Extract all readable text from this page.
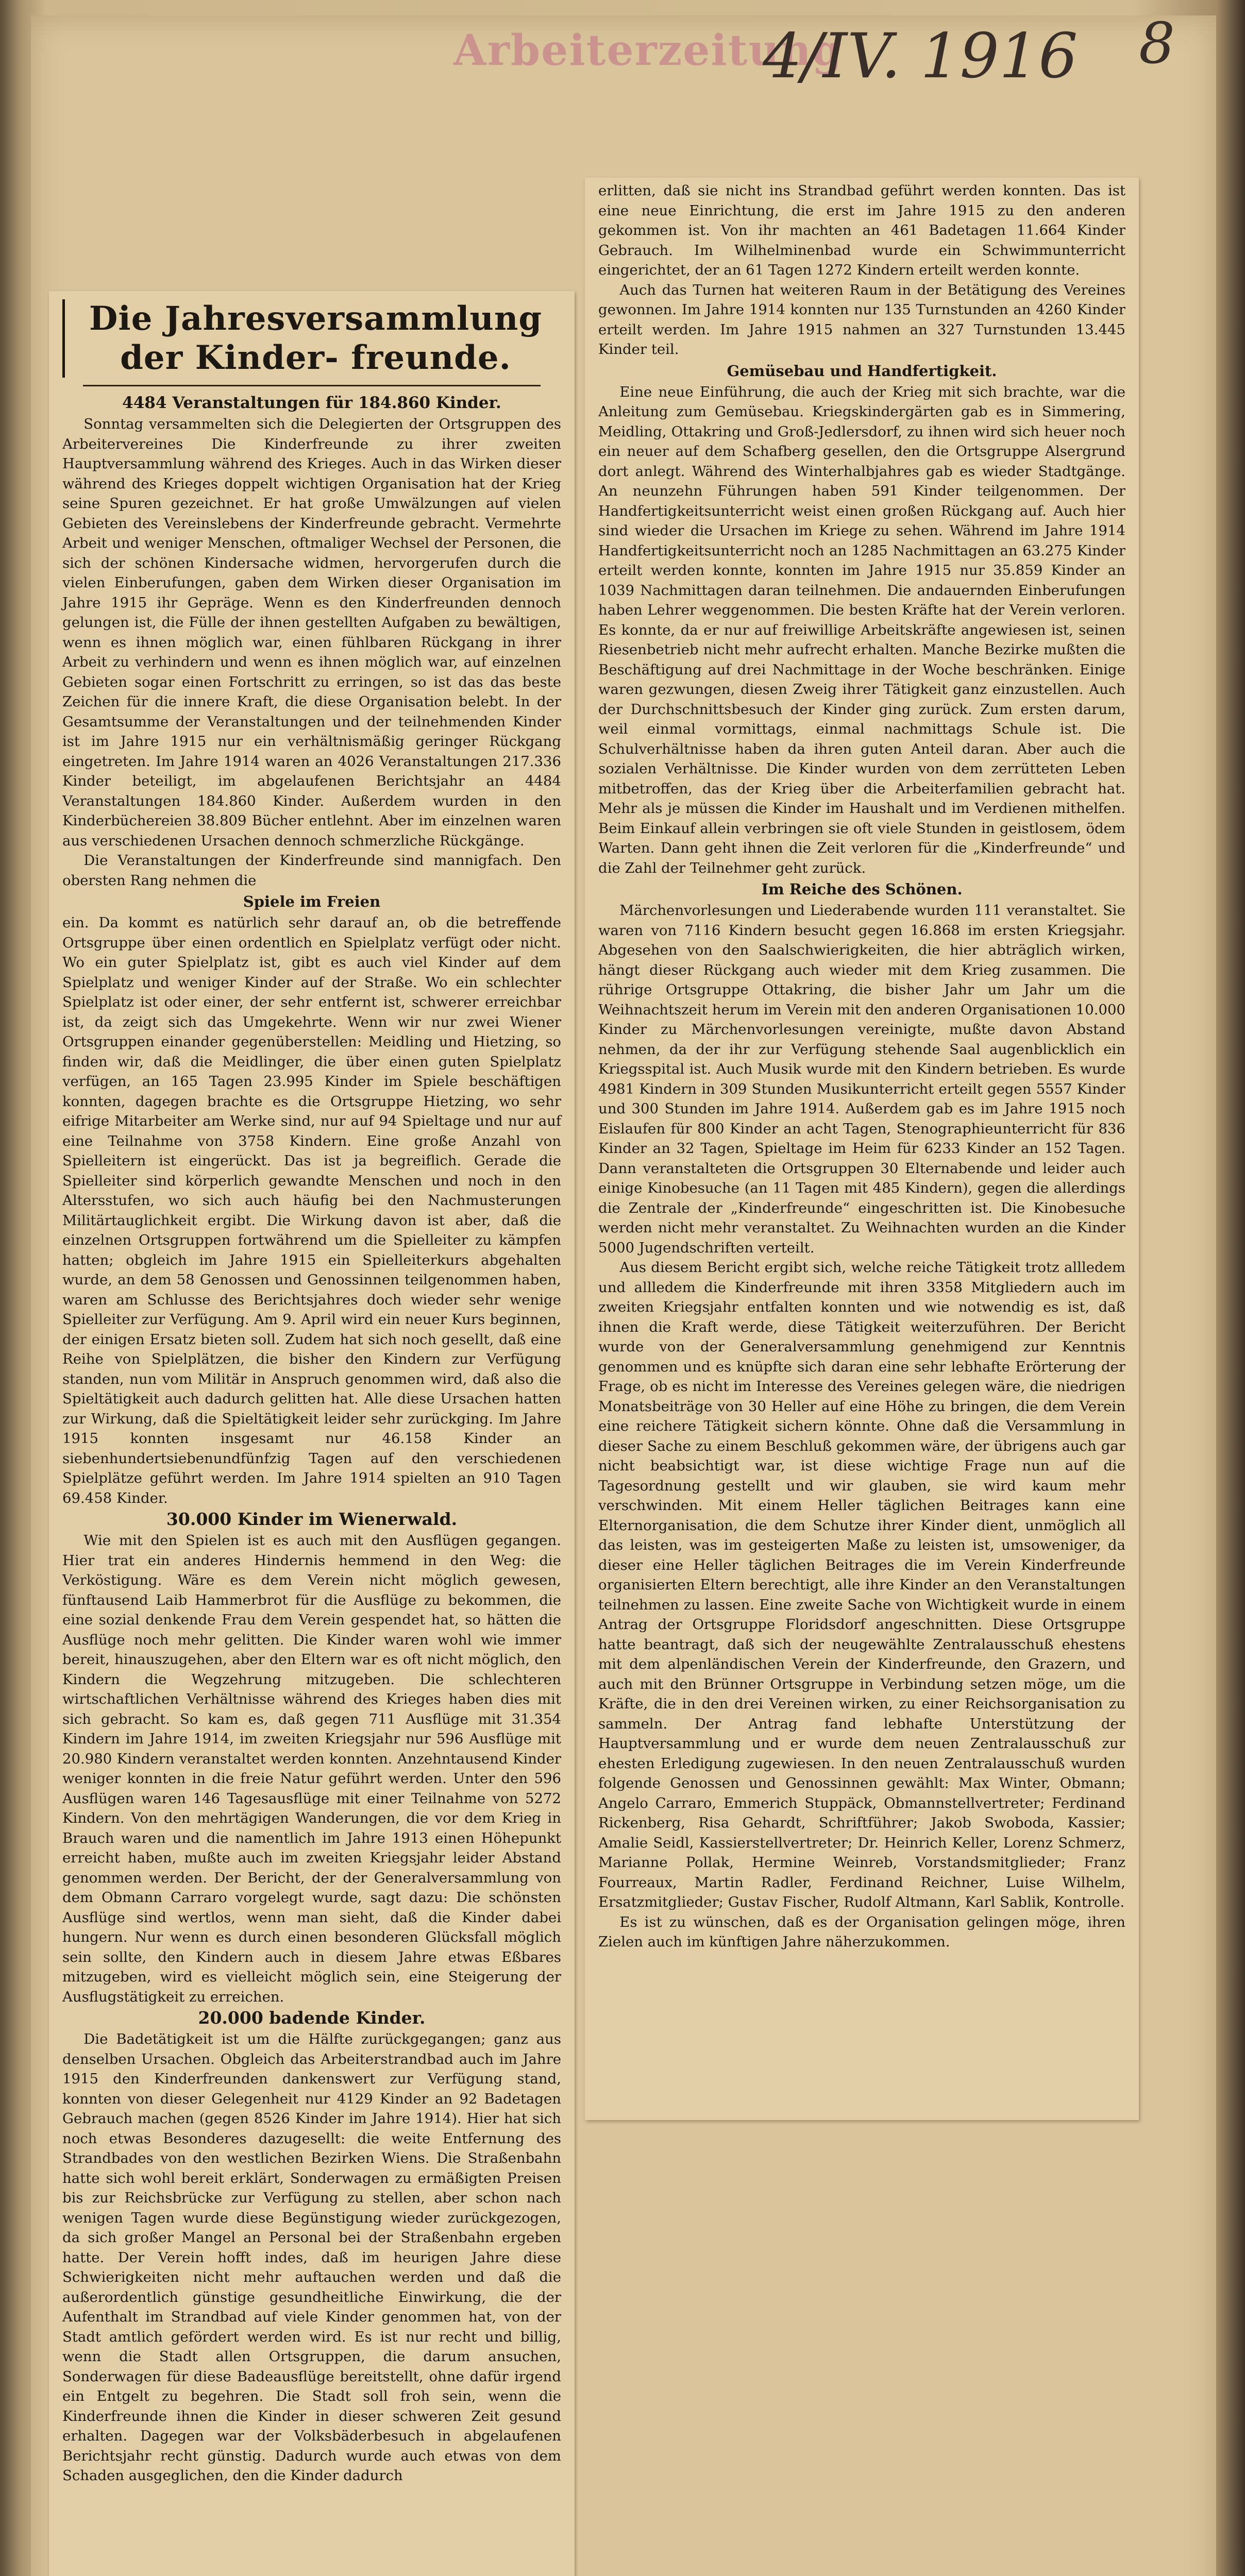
Arbeiterzeitung
4/IV. 1916 8
Die Jahresversammlung der Kinder- freunde.

4484 Veranstaltungen für 184.860 Kinder.

Sonntag versammelten sich die Delegierten der Ortsgruppen des Arbeitervereines Die Kinderfreunde zu ihrer zweiten Hauptversammlung während des Krieges. Auch in das Wirken dieser während des Krieges doppelt wichtigen Organisation hat der Krieg seine Spuren gezeichnet. Er hat große Umwälzungen auf vielen Gebieten des Vereinslebens der Kinderfreunde gebracht. Vermehrte Arbeit und weniger Menschen, oftmaliger Wechsel der Personen, die sich der schönen Kindersache widmen, hervorgerufen durch die vielen Einberufungen, gaben dem Wirken dieser Organisation im Jahre 1915 ihr Gepräge. Wenn es den Kinderfreunden dennoch gelungen ist, die Fülle der ihnen gestellten Aufgaben zu bewältigen, wenn es ihnen möglich war, einen fühlbaren Rückgang in ihrer Arbeit zu verhindern und wenn es ihnen möglich war, auf einzelnen Gebieten sogar einen Fortschritt zu erringen, so ist das das beste Zeichen für die innere Kraft, die diese Organisation belebt. In der Gesamtsumme der Veranstaltungen und der teilnehmenden Kinder ist im Jahre 1915 nur ein verhältnismäßig geringer Rückgang eingetreten. Im Jahre 1914 waren an 4026 Veranstaltungen 217.336 Kinder beteiligt, im abgelaufenen Berichtsjahr an 4484 Veranstaltungen 184.860 Kinder. Außerdem wurden in den Kinderbüchereien 38.809 Bücher entlehnt. Aber im einzelnen waren aus verschiedenen Ursachen dennoch schmerzliche Rückgänge.

Die Veranstaltungen der Kinderfreunde sind mannigfach. Den obersten Rang nehmen die

Spiele im Freien

ein. Da kommt es natürlich sehr darauf an, ob die betreffende Ortsgruppe über einen ordentlich en Spielplatz verfügt oder nicht. Wo ein guter Spielplatz ist, gibt es auch viel Kinder auf dem Spielplatz und weniger Kinder auf der Straße. Wo ein schlechter Spielplatz ist oder einer, der sehr entfernt ist, schwerer erreichbar ist, da zeigt sich das Umgekehrte. Wenn wir nur zwei Wiener Ortsgruppen einander gegenüberstellen: Meidling und Hietzing, so finden wir, daß die Meidlinger, die über einen guten Spielplatz verfügen, an 165 Tagen 23.995 Kinder im Spiele beschäftigen konnten, dagegen brachte es die Ortsgruppe Hietzing, wo sehr eifrige Mitarbeiter am Werke sind, nur auf 94 Spieltage und nur auf eine Teilnahme von 3758 Kindern. Eine große Anzahl von Spielleitern ist eingerückt. Das ist ja begreiflich. Gerade die Spielleiter sind körperlich gewandte Menschen und noch in den Altersstufen, wo sich auch häufig bei den Nachmusterungen Militärtauglichkeit ergibt. Die Wirkung davon ist aber, daß die einzelnen Ortsgruppen fortwährend um die Spielleiter zu kämpfen hatten; obgleich im Jahre 1915 ein Spielleiterkurs abgehalten wurde, an dem 58 Genossen und Genossinnen teilgenommen haben, waren am Schlusse des Berichtsjahres doch wieder sehr wenige Spielleiter zur Verfügung. Am 9. April wird ein neuer Kurs beginnen, der einigen Ersatz bieten soll. Zudem hat sich noch gesellt, daß eine Reihe von Spielplätzen, die bisher den Kindern zur Verfügung standen, nun vom Militär in Anspruch genommen wird, daß also die Spieltätigkeit auch dadurch gelitten hat. Alle diese Ursachen hatten zur Wirkung, daß die Spieltätigkeit leider sehr zurückging. Im Jahre 1915 konnten insgesamt nur 46.158 Kinder an siebenhundertsiebenundfünfzig Tagen auf den verschiedenen Spielplätze geführt werden. Im Jahre 1914 spielten an 910 Tagen 69.458 Kinder.

30.000 Kinder im Wienerwald.

Wie mit den Spielen ist es auch mit den Ausflügen gegangen. Hier trat ein anderes Hindernis hemmend in den Weg: die Verköstigung. Wäre es dem Verein nicht möglich gewesen, fünftausend Laib Hammerbrot für die Ausflüge zu bekommen, die eine sozial denkende Frau dem Verein gespendet hat, so hätten die Ausflüge noch mehr gelitten. Die Kinder waren wohl wie immer bereit, hinauszugehen, aber den Eltern war es oft nicht möglich, den Kindern die Wegzehrung mitzugeben. Die schlechteren wirtschaftlichen Verhältnisse während des Krieges haben dies mit sich gebracht. So kam es, daß gegen 711 Ausflüge mit 31.354 Kindern im Jahre 1914, im zweiten Kriegsjahr nur 596 Ausflüge mit 20.980 Kindern veranstaltet werden konnten. Anzehntausend Kinder weniger konnten in die freie Natur geführt werden. Unter den 596 Ausflügen waren 146 Tagesausflüge mit einer Teilnahme von 5272 Kindern. Von den mehrtägigen Wanderungen, die vor dem Krieg in Brauch waren und die namentlich im Jahre 1913 einen Höhepunkt erreicht haben, mußte auch im zweiten Kriegsjahr leider Abstand genommen werden. Der Bericht, der der Generalversammlung von dem Obmann Carraro vorgelegt wurde, sagt dazu: Die schönsten Ausflüge sind wertlos, wenn man sieht, daß die Kinder dabei hungern. Nur wenn es durch einen besonderen Glücksfall möglich sein sollte, den Kindern auch in diesem Jahre etwas Eßbares mitzugeben, wird es vielleicht möglich sein, eine Steigerung der Ausflugstätigkeit zu erreichen.

20.000 badende Kinder.

Die Badetätigkeit ist um die Hälfte zurückgegangen; ganz aus denselben Ursachen. Obgleich das Arbeiterstrandbad auch im Jahre 1915 den Kinderfreunden dankenswert zur Verfügung stand, konnten von dieser Gelegenheit nur 4129 Kinder an 92 Badetagen Gebrauch machen (gegen 8526 Kinder im Jahre 1914). Hier hat sich noch etwas Besonderes dazugesellt: die weite Entfernung des Strandbades von den westlichen Bezirken Wiens. Die Straßenbahn hatte sich wohl bereit erklärt, Sonderwagen zu ermäßigten Preisen bis zur Reichsbrücke zur Verfügung zu stellen, aber schon nach wenigen Tagen wurde diese Begünstigung wieder zurückgezogen, da sich großer Mangel an Personal bei der Straßenbahn ergeben hatte. Der Verein hofft indes, daß im heurigen Jahre diese Schwierigkeiten nicht mehr auftauchen werden und daß die außerordentlich günstige gesundheitliche Einwirkung, die der Aufenthalt im Strandbad auf viele Kinder genommen hat, von der Stadt amtlich gefördert werden wird. Es ist nur recht und billig, wenn die Stadt allen Ortsgruppen, die darum ansuchen, Sonderwagen für diese Badeausflüge bereitstellt, ohne dafür irgend ein Entgelt zu begehren. Die Stadt soll froh sein, wenn die Kinderfreunde ihnen die Kinder in dieser schweren Zeit gesund erhalten. Dagegen war der Volksbäderbesuch in abgelaufenen Berichtsjahr recht günstig. Dadurch wurde auch etwas von dem Schaden ausgeglichen, den die Kinder dadurch

erlitten, daß sie nicht ins Strandbad geführt werden konnten. Das ist eine neue Einrichtung, die erst im Jahre 1915 zu den anderen gekommen ist. Von ihr machten an 461 Badetagen 11.664 Kinder Gebrauch. Im Wilhelminenbad wurde ein Schwimmunterricht eingerichtet, der an 61 Tagen 1272 Kindern erteilt werden konnte.

Auch das Turnen hat weiteren Raum in der Betätigung des Vereines gewonnen. Im Jahre 1914 konnten nur 135 Turnstunden an 4260 Kinder erteilt werden. Im Jahre 1915 nahmen an 327 Turnstunden 13.445 Kinder teil.

Gemüsebau und Handfertigkeit.

Eine neue Einführung, die auch der Krieg mit sich brachte, war die Anleitung zum Gemüsebau. Kriegskindergärten gab es in Simmering, Meidling, Ottakring und Groß-Jedlersdorf, zu ihnen wird sich heuer noch ein neuer auf dem Schafberg gesellen, den die Ortsgruppe Alsergrund dort anlegt. Während des Winterhalbjahres gab es wieder Stadtgänge. An neunzehn Führungen haben 591 Kinder teilgenommen. Der Handfertigkeitsunterricht weist einen großen Rückgang auf. Auch hier sind wieder die Ursachen im Kriege zu sehen. Während im Jahre 1914 Handfertigkeitsunterricht noch an 1285 Nachmittagen an 63.275 Kinder erteilt werden konnte, konnten im Jahre 1915 nur 35.859 Kinder an 1039 Nachmittagen daran teilnehmen. Die andauernden Einberufungen haben Lehrer weggenommen. Die besten Kräfte hat der Verein verloren. Es konnte, da er nur auf freiwillige Arbeitskräfte angewiesen ist, seinen Riesenbetrieb nicht mehr aufrecht erhalten. Manche Bezirke mußten die Beschäftigung auf drei Nachmittage in der Woche beschränken. Einige waren gezwungen, diesen Zweig ihrer Tätigkeit ganz einzustellen. Auch der Durchschnittsbesuch der Kinder ging zurück. Zum ersten darum, weil einmal vormittags, einmal nachmittags Schule ist. Die Schulverhältnisse haben da ihren guten Anteil daran. Aber auch die sozialen Verhältnisse. Die Kinder wurden von dem zerrütteten Leben mitbetroffen, das der Krieg über die Arbeiterfamilien gebracht hat. Mehr als je müssen die Kinder im Haushalt und im Verdienen mithelfen. Beim Einkauf allein verbringen sie oft viele Stunden in geistlosem, ödem Warten. Dann geht ihnen die Zeit verloren für die „Kinderfreunde“ und die Zahl der Teilnehmer geht zurück.

Im Reiche des Schönen.

Märchenvorlesungen und Liederabende wurden 111 veranstaltet. Sie waren von 7116 Kindern besucht gegen 16.868 im ersten Kriegsjahr. Abgesehen von den Saalschwierigkeiten, die hier abträglich wirken, hängt dieser Rückgang auch wieder mit dem Krieg zusammen. Die rührige Ortsgruppe Ottakring, die bisher Jahr um Jahr um die Weihnachtszeit herum im Verein mit den anderen Organisationen 10.000 Kinder zu Märchenvorlesungen vereinigte, mußte davon Abstand nehmen, da der ihr zur Verfügung stehende Saal augenblicklich ein Kriegsspital ist. Auch Musik wurde mit den Kindern betrieben. Es wurde 4981 Kindern in 309 Stunden Musikunterricht erteilt gegen 5557 Kinder und 300 Stunden im Jahre 1914. Außerdem gab es im Jahre 1915 noch Eislaufen für 800 Kinder an acht Tagen, Stenographieunterricht für 836 Kinder an 32 Tagen, Spieltage im Heim für 6233 Kinder an 152 Tagen. Dann veranstalteten die Ortsgruppen 30 Elternabende und leider auch einige Kinobesuche (an 11 Tagen mit 485 Kindern), gegen die allerdings die Zentrale der „Kinderfreunde“ eingeschritten ist. Die Kinobesuche werden nicht mehr veranstaltet. Zu Weihnachten wurden an die Kinder 5000 Jugendschriften verteilt.

Aus diesem Bericht ergibt sich, welche reiche Tätigkeit trotz allledem und allledem die Kinderfreunde mit ihren 3358 Mitgliedern auch im zweiten Kriegsjahr entfalten konnten und wie notwendig es ist, daß ihnen die Kraft werde, diese Tätigkeit weiterzuführen. Der Bericht wurde von der Generalversammlung genehmigend zur Kenntnis genommen und es knüpfte sich daran eine sehr lebhafte Erörterung der Frage, ob es nicht im Interesse des Vereines gelegen wäre, die niedrigen Monatsbeiträge von 30 Heller auf eine Höhe zu bringen, die dem Verein eine reichere Tätigkeit sichern könnte. Ohne daß die Versammlung in dieser Sache zu einem Beschluß gekommen wäre, der übrigens auch gar nicht beabsichtigt war, ist diese wichtige Frage nun auf die Tagesordnung gestellt und wir glauben, sie wird kaum mehr verschwinden. Mit einem Heller täglichen Beitrages kann eine Elternorganisation, die dem Schutze ihrer Kinder dient, unmöglich all das leisten, was im gesteigerten Maße zu leisten ist, umsoweniger, da dieser eine Heller täglichen Beitrages die im Verein Kinderfreunde organisierten Eltern berechtigt, alle ihre Kinder an den Veranstaltungen teilnehmen zu lassen. Eine zweite Sache von Wichtigkeit wurde in einem Antrag der Ortsgruppe Floridsdorf angeschnitten. Diese Ortsgruppe hatte beantragt, daß sich der neugewählte Zentralausschuß ehestens mit dem alpenländischen Verein der Kinderfreunde, den Grazern, und auch mit den Brünner Ortsgruppe in Verbindung setzen möge, um die Kräfte, die in den drei Vereinen wirken, zu einer Reichsorganisation zu sammeln. Der Antrag fand lebhafte Unterstützung der Hauptversammlung und er wurde dem neuen Zentralausschuß zur ehesten Erledigung zugewiesen. In den neuen Zentralausschuß wurden folgende Genossen und Genossinnen gewählt: Max Winter, Obmann; Angelo Carraro, Emmerich Stuppäck, Obmannstellvertreter; Ferdinand Rickenberg, Risa Gehardt, Schriftführer; Jakob Swoboda, Kassier; Amalie Seidl, Kassierstellvertreter; Dr. Heinrich Keller, Lorenz Schmerz, Marianne Pollak, Hermine Weinreb, Vorstandsmitglieder; Franz Fourreaux, Martin Radler, Ferdinand Reichner, Luise Wilhelm, Ersatzmitglieder; Gustav Fischer, Rudolf Altmann, Karl Sablik, Kontrolle.

Es ist zu wünschen, daß es der Organisation gelingen möge, ihren Zielen auch im künftigen Jahre näherzukommen.
